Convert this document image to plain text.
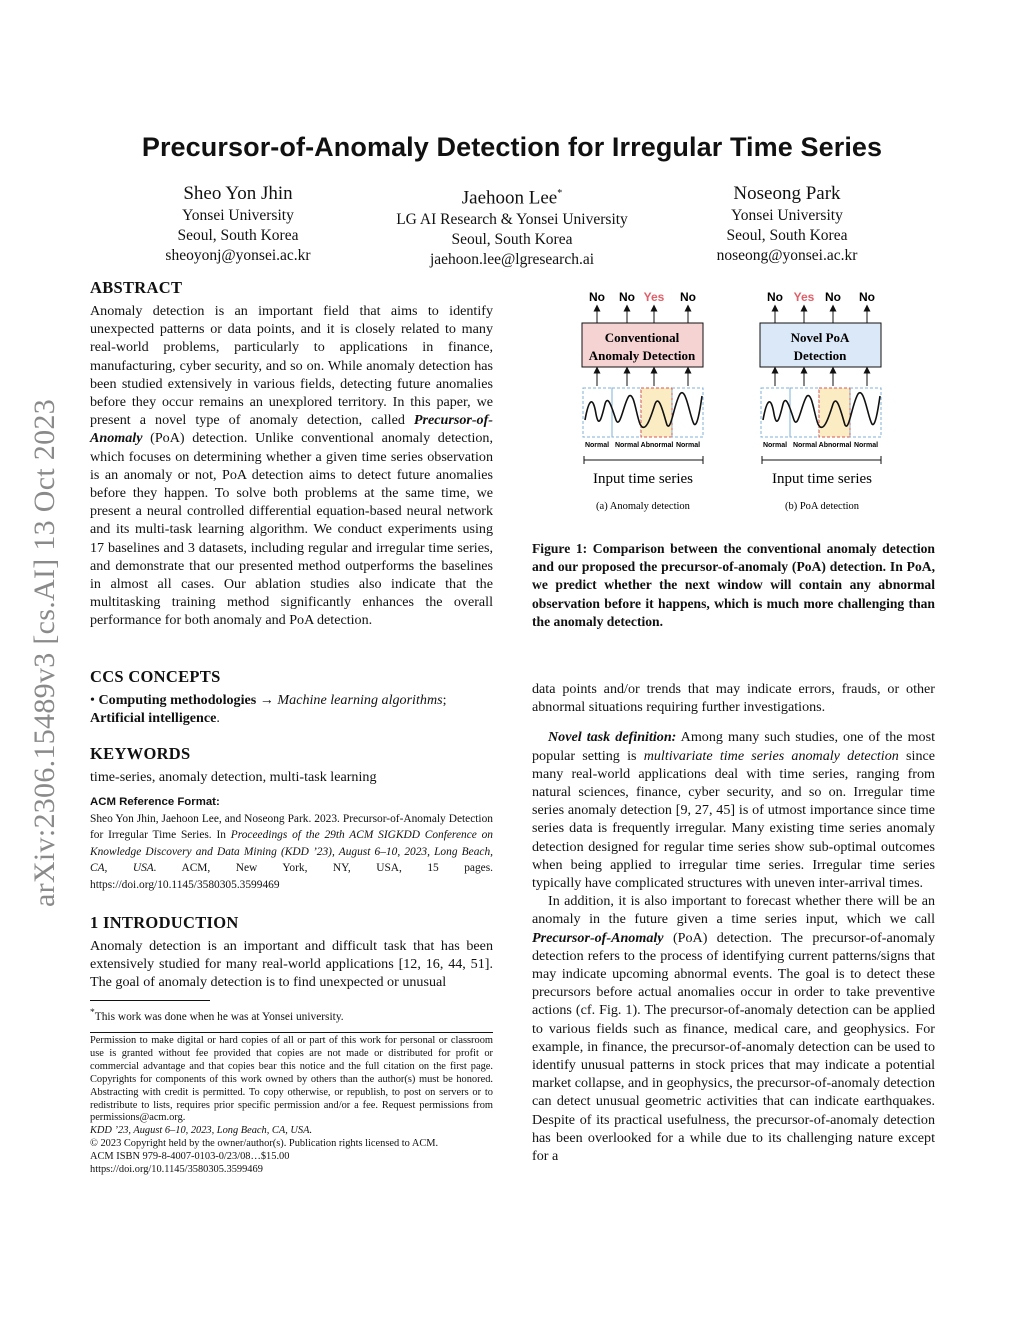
arXiv:2306.15489v3 [cs.AI] 13 Oct 2023
Precursor-of-Anomaly Detection for Irregular Time Series
Sheo Yon Jhin
Yonsei University
Seoul, South Korea
sheoyonj@yonsei.ac.kr
Jaehoon Lee*
LG AI Research & Yonsei University
Seoul, South Korea
jaehoon.lee@lgresearch.ai
Noseong Park
Yonsei University
Seoul, South Korea
noseong@yonsei.ac.kr
ABSTRACT
Anomaly detection is an important field that aims to identify unexpected patterns or data points, and it is closely related to many real-world problems, particularly to applications in finance, manufacturing, cyber security, and so on. While anomaly detection has been studied extensively in various fields, detecting future anomalies before they occur remains an unexplored territory. In this paper, we present a novel type of anomaly detection, called Precursor-of-Anomaly (PoA) detection. Unlike conventional anomaly detection, which focuses on determining whether a given time series observation is an anomaly or not, PoA detection aims to detect future anomalies before they happen. To solve both problems at the same time, we present a neural controlled differential equation-based neural network and its multi-task learning algorithm. We conduct experiments using 17 baselines and 3 datasets, including regular and irregular time series, and demonstrate that our presented method outperforms the baselines in almost all cases. Our ablation studies also indicate that the multitasking training method significantly enhances the overall performance for both anomaly and PoA detection.
CCS CONCEPTS
• Computing methodologies → Machine learning algorithms; Artificial intelligence.
KEYWORDS
time-series, anomaly detection, multi-task learning
ACM Reference Format:
Sheo Yon Jhin, Jaehoon Lee, and Noseong Park. 2023. Precursor-of-Anomaly Detection for Irregular Time Series. In Proceedings of the 29th ACM SIGKDD Conference on Knowledge Discovery and Data Mining (KDD ’23), August 6–10, 2023, Long Beach, CA, USA. ACM, New York, NY, USA, 15 pages. https://doi.org/10.1145/3580305.3599469
1 INTRODUCTION
Anomaly detection is an important and difficult task that has been extensively studied for many real-world applications [12, 16, 44, 51]. The goal of anomaly detection is to find unexpected or unusual
*This work was done when he was at Yonsei university.
Permission to make digital or hard copies of all or part of this work for personal or classroom use is granted without fee provided that copies are not made or distributed for profit or commercial advantage and that copies bear this notice and the full citation on the first page. Copyrights for components of this work owned by others than the author(s) must be honored. Abstracting with credit is permitted. To copy otherwise, or republish, to post on servers or to redistribute to lists, requires prior specific permission and/or a fee. Request permissions from permissions@acm.org.
KDD ’23, August 6–10, 2023, Long Beach, CA, USA.
© 2023 Copyright held by the owner/author(s). Publication rights licensed to ACM.
ACM ISBN 979-8-4007-0103-0/23/08…$15.00
https://doi.org/10.1145/3580305.3599469
No No Yes No
Conventional
Anomaly Detection
Normal Normal Abnormal Normal
Input time series
(a) Anomaly detection
No Yes No No
Novel PoA
Detection
Normal Normal Abnormal Normal
Input time series
(b) PoA detection
Figure 1: Comparison between the conventional anomaly detection and our proposed the precursor-of-anomaly (PoA) detection. In PoA, we predict whether the next window will contain any abnormal observation before it happens, which is much more challenging than the anomaly detection.
data points and/or trends that may indicate errors, frauds, or other abnormal situations requiring further investigations.
Novel task definition: Among many such studies, one of the most popular setting is multivariate time series anomaly detection since many real-world applications deal with time series, ranging from natural sciences, finance, cyber security, and so on. Irregular time series anomaly detection [9, 27, 45] is of utmost importance since time series data is frequently irregular. Many existing time series anomaly detection designed for regular time series show sub-optimal outcomes when being applied to irregular time series. Irregular time series typically have complicated structures with uneven inter-arrival times.
In addition, it is also important to forecast whether there will be an anomaly in the future given a time series input, which we call Precursor-of-Anomaly (PoA) detection. The precursor-of-anomaly detection refers to the process of identifying current patterns/signs that may indicate upcoming abnormal events. The goal is to detect these precursors before actual anomalies occur in order to take preventive actions (cf. Fig. 1). The precursor-of-anomaly detection can be applied to various fields such as finance, medical care, and geophysics. For example, in finance, the precursor-of-anomaly detection can be used to identify unusual patterns in stock prices that may indicate a potential market collapse, and in geophysics, the precursor-of-anomaly detection can detect unusual geometric activities that can indicate earthquakes. Despite of its practical usefulness, the precursor-of-anomaly detection has been overlooked for a while due to its challenging nature except for a
